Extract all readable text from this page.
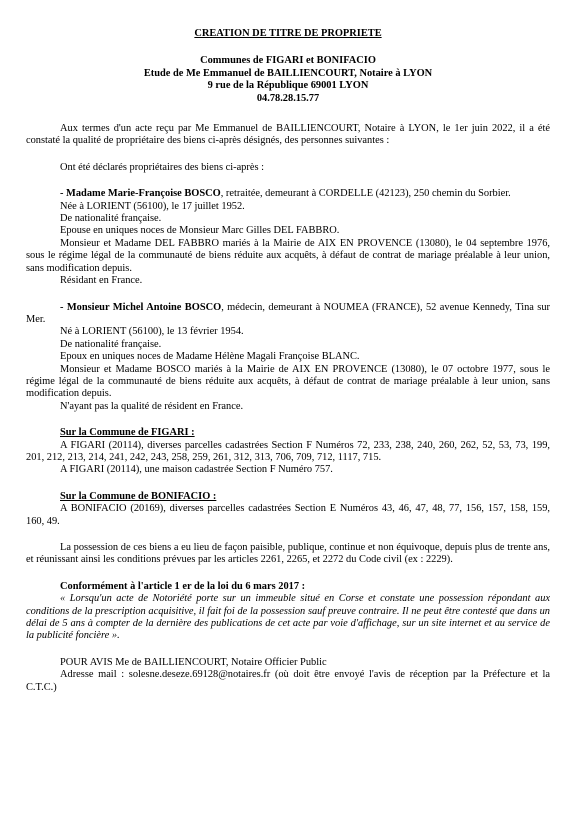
CREATION DE TITRE DE PROPRIETE
Communes de FIGARI et BONIFACIO
Etude de Me Emmanuel de BAILLIENCOURT, Notaire à LYON
9 rue de la République 69001 LYON
04.78.28.15.77

Aux termes d'un acte reçu par Me Emmanuel de BAILLIENCOURT, Notaire à LYON, le 1er juin 2022, il a été constaté la qualité de propriétaire des biens ci-après désignés, des personnes suivantes :

Ont été déclarés propriétaires des biens ci-après :

- Madame Marie-Françoise BOSCO, retraitée, demeurant à CORDELLE (42123), 250 chemin du Sorbier.

Née à LORIENT (56100), le 17 juillet 1952.

De nationalité française.

Epouse en uniques noces de Monsieur Marc Gilles DEL FABBRO.

Monsieur et Madame DEL FABBRO mariés à la Mairie de AIX EN PROVENCE (13080), le 04 septembre 1976, sous le régime légal de la communauté de biens réduite aux acquêts, à défaut de contrat de mariage préalable à leur union, sans modification depuis.

Résidant en France.

- Monsieur Michel Antoine BOSCO, médecin, demeurant à NOUMEA (FRANCE), 52 avenue Kennedy, Tina sur Mer.

Né à LORIENT (56100), le 13 février 1954.

De nationalité française.

Epoux en uniques noces de Madame Hélène Magali Françoise BLANC.

Monsieur et Madame BOSCO mariés à la Mairie de AIX EN PROVENCE (13080), le 07 octobre 1977, sous le régime légal de la communauté de biens réduite aux acquêts, à défaut de contrat de mariage préalable à leur union, sans modification depuis.

N'ayant pas la qualité de résident en France.

Sur la Commune de FIGARI :

A FIGARI (20114), diverses parcelles cadastrées Section F Numéros 72, 233, 238, 240, 260, 262, 52, 53, 73, 199, 201, 212, 213, 214, 241, 242, 243, 258, 259, 261, 312, 313, 706, 709, 712, 1117, 715.

A FIGARI (20114), une maison cadastrée Section F Numéro 757.

Sur la Commune de BONIFACIO :

A BONIFACIO (20169), diverses parcelles cadastrées Section E Numéros 43, 46, 47, 48, 77, 156, 157, 158, 159, 160, 49.

La possession de ces biens a eu lieu de façon paisible, publique, continue et non équivoque, depuis plus de trente ans, et réunissant ainsi les conditions prévues par les articles 2261, 2265, et 2272 du Code civil (ex : 2229).

Conformément à l'article 1 er de la loi du 6 mars 2017 :

« Lorsqu'un acte de Notoriété porte sur un immeuble situé en Corse et constate une possession répondant aux conditions de la prescription acquisitive, il fait foi de la possession sauf preuve contraire. Il ne peut être contesté que dans un délai de 5 ans à compter de la dernière des publications de cet acte par voie d'affichage, sur un site internet et au service de la publicité foncière ».

POUR AVIS Me de BAILLIENCOURT, Notaire Officier Public

Adresse mail : solesne.deseze.69128@notaires.fr (où doit être envoyé l'avis de réception par la Préfecture et la C.T.C.)
